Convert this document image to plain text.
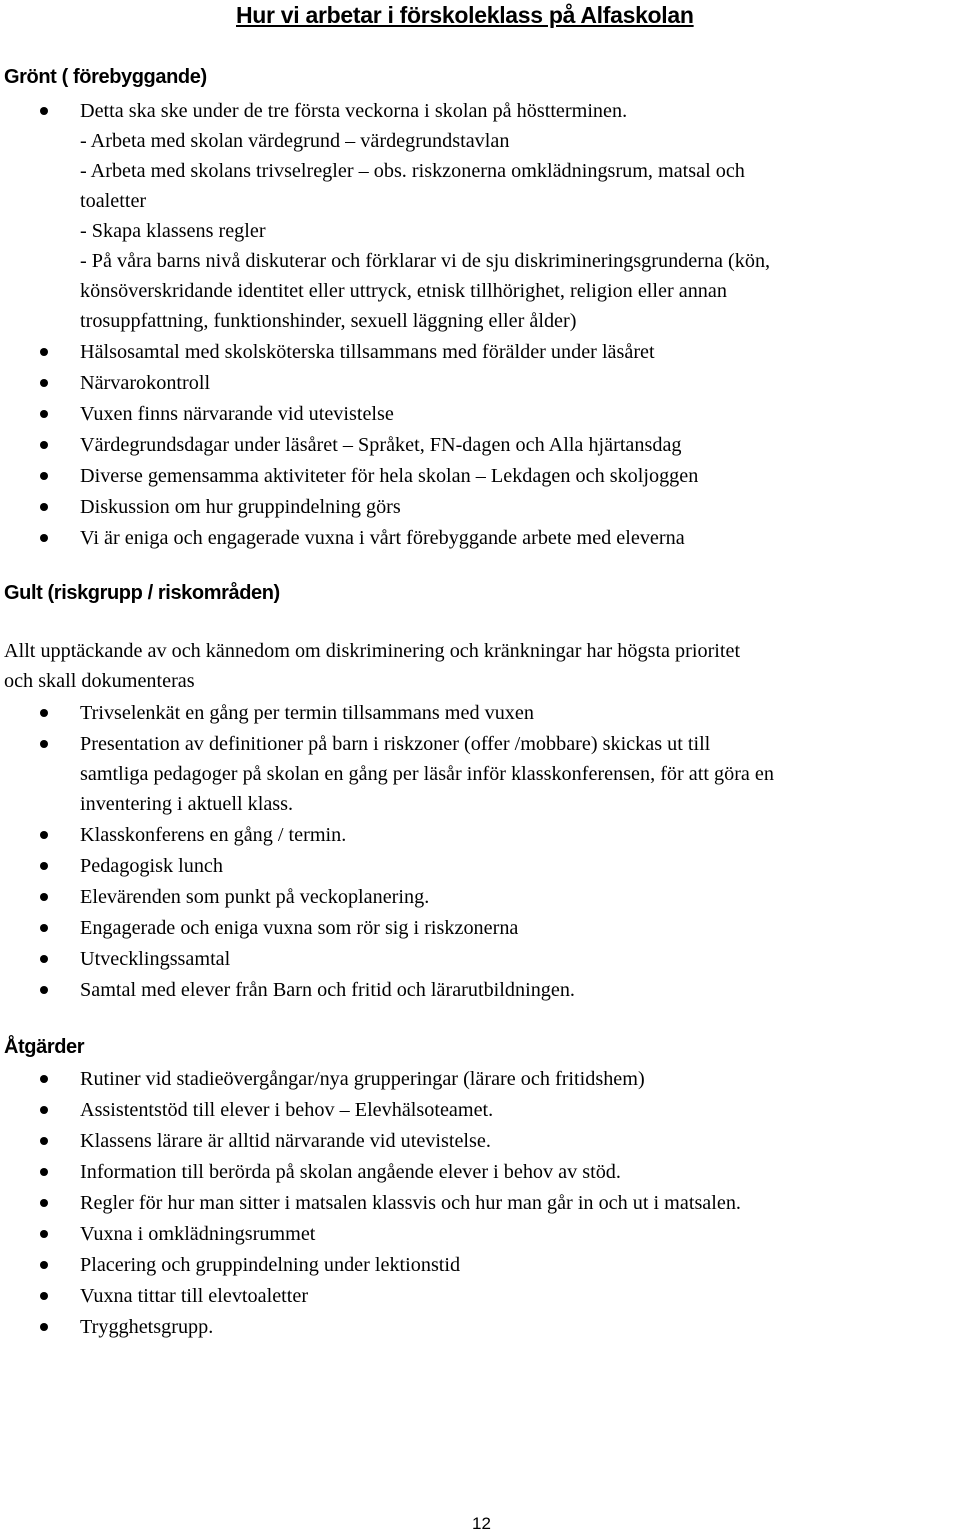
Hur vi arbetar i förskoleklass på Alfaskolan
Grönt ( förebyggande)
Detta ska ske under de tre första veckorna i skolan på höstterminen.
- Arbeta med skolan värdegrund – värdegrundstavlan
- Arbeta med skolans trivselregler – obs. riskzonerna omklädningsrum, matsal och
toaletter
- Skapa klassens regler
- På våra barns nivå diskuterar och förklarar vi de sju diskrimineringsgrunderna (kön,
könsöverskridande identitet eller uttryck, etnisk tillhörighet, religion eller annan
trosuppfattning, funktionshinder, sexuell läggning eller ålder)
Hälsosamtal med skolsköterska tillsammans med förälder under läsåret
Närvarokontroll
Vuxen finns närvarande vid utevistelse
Värdegrundsdagar under läsåret – Språket, FN-dagen och Alla hjärtansdag
Diverse gemensamma aktiviteter för hela skolan – Lekdagen och skoljoggen
Diskussion om hur gruppindelning görs
Vi är eniga och engagerade vuxna i vårt förebyggande arbete med eleverna
Gult (riskgrupp / riskområden)
Allt upptäckande av och kännedom om diskriminering och kränkningar har högsta prioritet
och skall dokumenteras
Trivselenkät en gång per termin tillsammans med vuxen
Presentation av definitioner på barn i riskzoner (offer /mobbare) skickas ut till
samtliga pedagoger på skolan en gång per läsår inför klasskonferensen, för att göra en
inventering i aktuell klass.
Klasskonferens en gång / termin.
Pedagogisk lunch
Elevärenden som punkt på veckoplanering.
Engagerade och eniga vuxna som rör sig i riskzonerna
Utvecklingssamtal
Samtal med elever från Barn och fritid och lärarutbildningen.
Åtgärder
Rutiner vid stadieövergångar/nya grupperingar (lärare och fritidshem)
Assistentstöd till elever i behov – Elevhälsoteamet.
Klassens lärare är alltid närvarande vid utevistelse.
Information till berörda på skolan angående elever i behov av stöd.
Regler för hur man sitter i matsalen klassvis och hur man går in och ut i matsalen.
Vuxna i omklädningsrummet
Placering och gruppindelning under lektionstid
Vuxna tittar till elevtoaletter
Trygghetsgrupp.
12
